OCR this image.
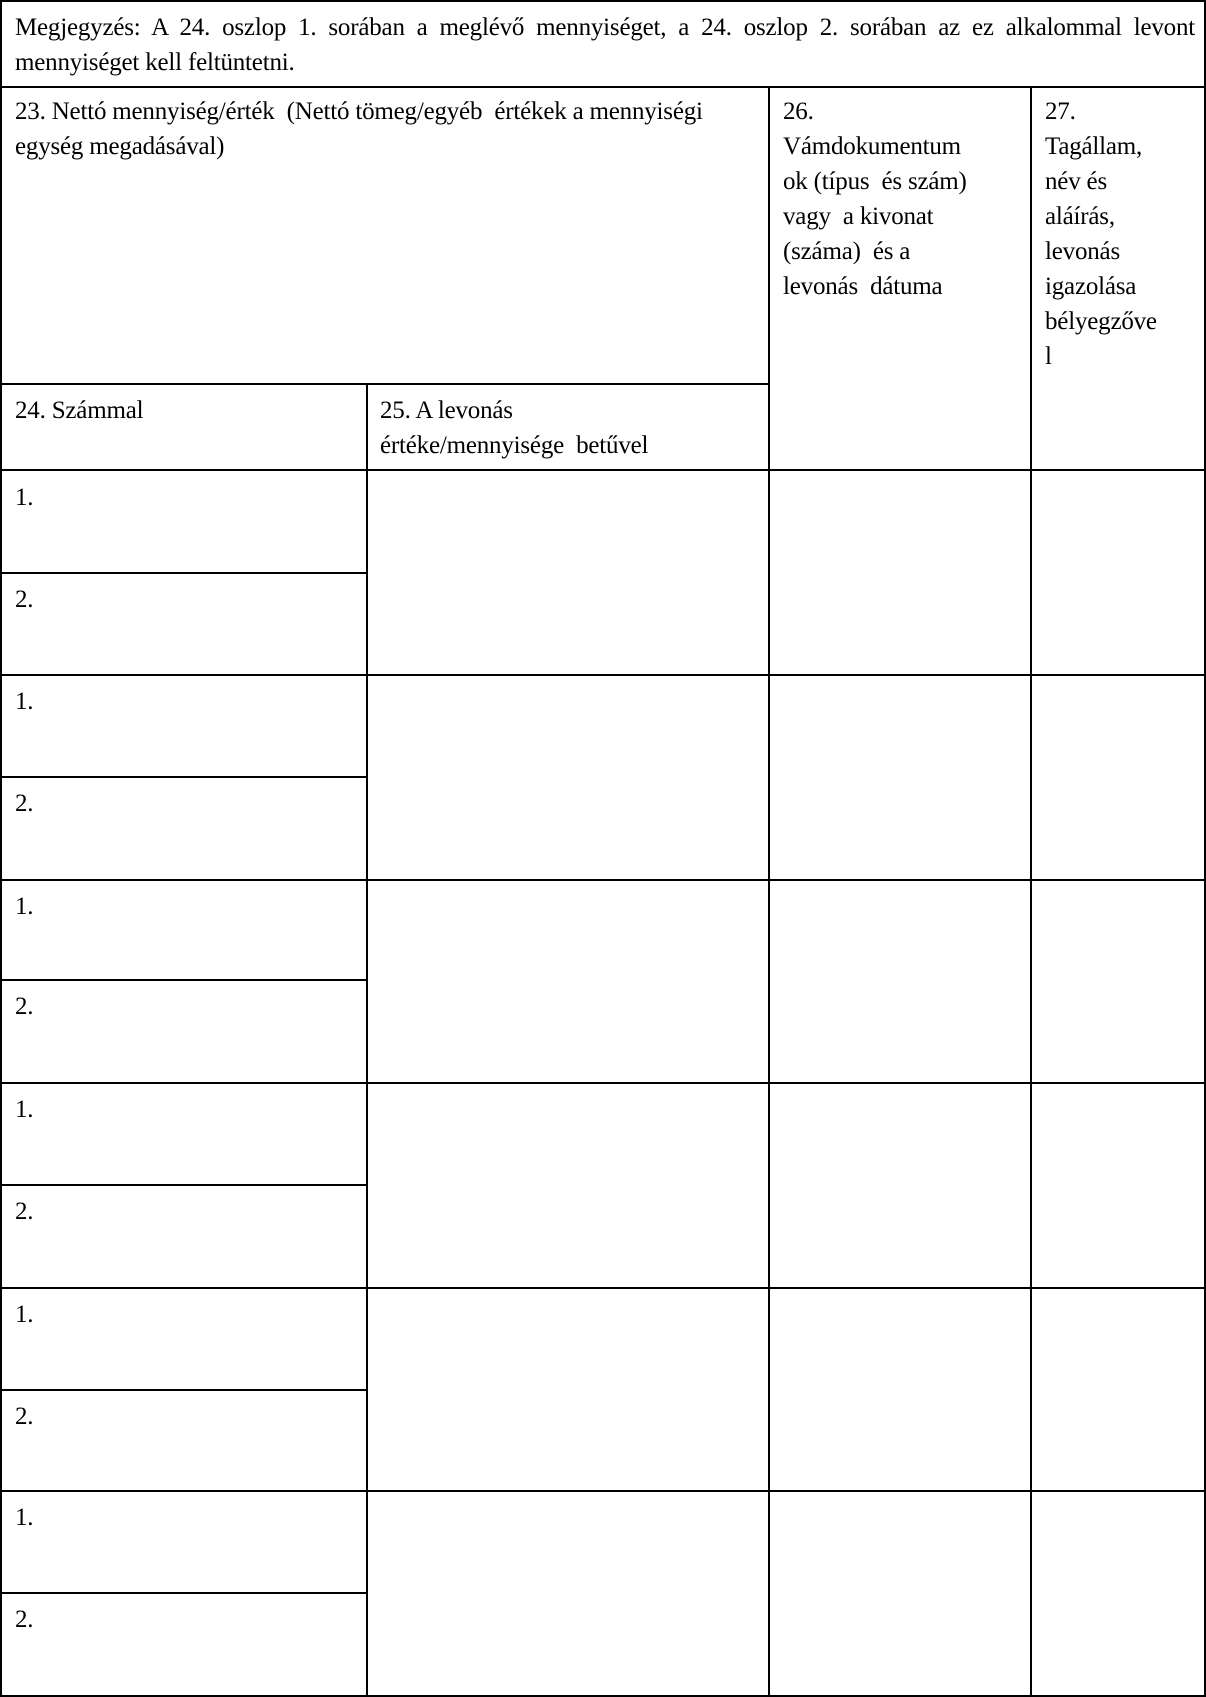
Megjegyzés: A 24. oszlop 1. sorában a meglévő mennyiséget, a 24. oszlop 2. sorában az ez alkalommal levont mennyiséget kell feltüntetni.
23. Nettó mennyiség/érték  (Nettó tömeg/egyéb  értékek a mennyiségi  egység megadásával)
24. Számmal	25. A levonás
értéke/mennyisége  betűvel
26.
Vámdokumentum
ok (típus  és szám)
vagy  a kivonat
(száma)  és a
levonás  dátuma
27.
Tagállam,
név és
aláírás,
levonás
igazolása
bélyegzőve
l
1.
2.
1.
2.
1.
2.
1.
2.
1.
2.
1.
2.
